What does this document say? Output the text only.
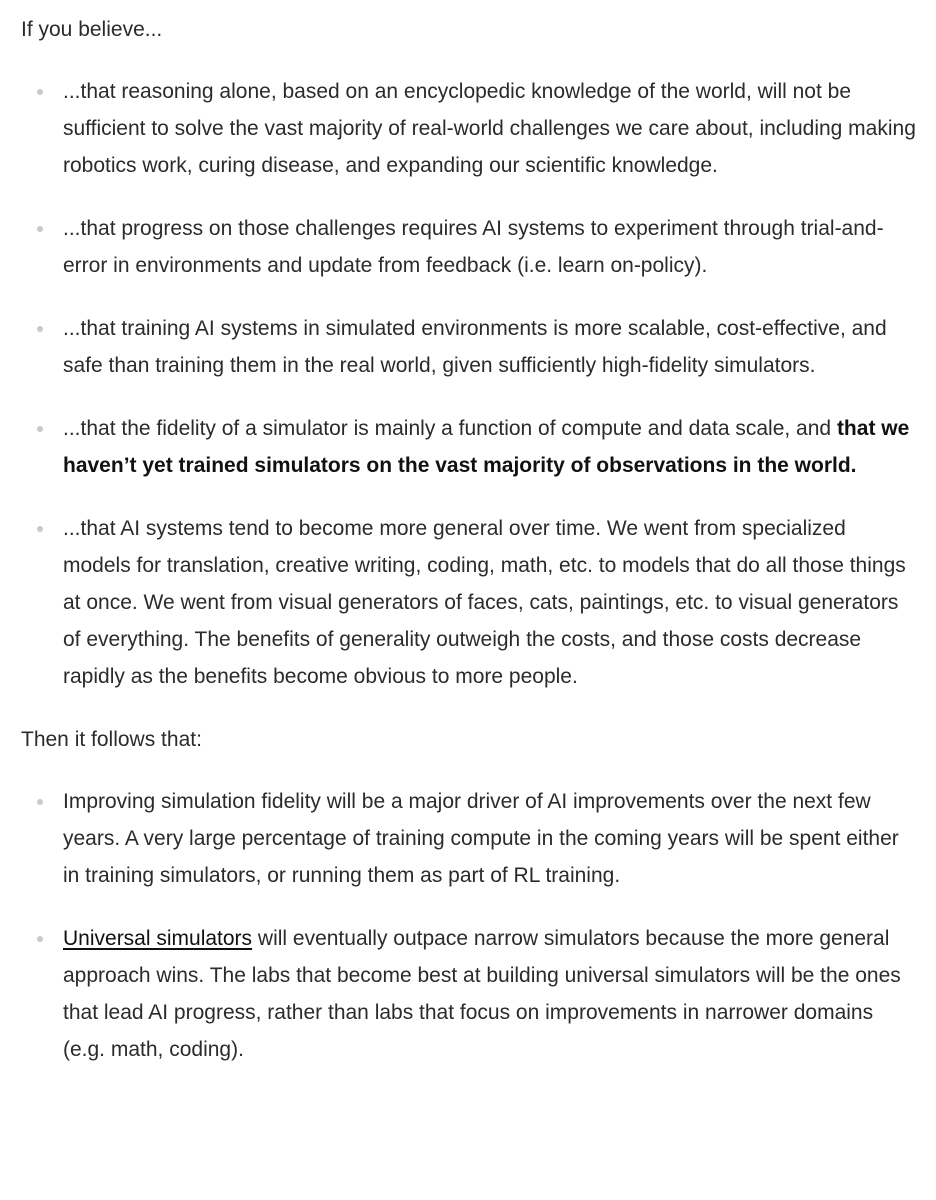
If you believe...

...that reasoning alone, based on an encyclopedic knowledge of the world, will not be sufficient to solve the vast majority of real-world challenges we care about, including making robotics work, curing disease, and expanding our scientific knowledge.
...that progress on those challenges requires AI systems to experiment through trial-and-error in environments and update from feedback (i.e. learn on-policy).
...that training AI systems in simulated environments is more scalable, cost-effective, and safe than training them in the real world, given sufficiently high-fidelity simulators.
...that the fidelity of a simulator is mainly a function of compute and data scale, and that we haven’t yet trained simulators on the vast majority of observations in the world.
...that AI systems tend to become more general over time. We went from specialized models for translation, creative writing, coding, math, etc. to models that do all those things at once. We went from visual generators of faces, cats, paintings, etc. to visual generators of everything. The benefits of generality outweigh the costs, and those costs decrease rapidly as the benefits become obvious to more people.

Then it follows that:

Improving simulation fidelity will be a major driver of AI improvements over the next few years. A very large percentage of training compute in the coming years will be spent either in training simulators, or running them as part of RL training.
Universal simulators will eventually outpace narrow simulators because the more general approach wins. The labs that become best at building universal simulators will be the ones that lead AI progress, rather than labs that focus on improvements in narrower domains (e.g. math, coding).
